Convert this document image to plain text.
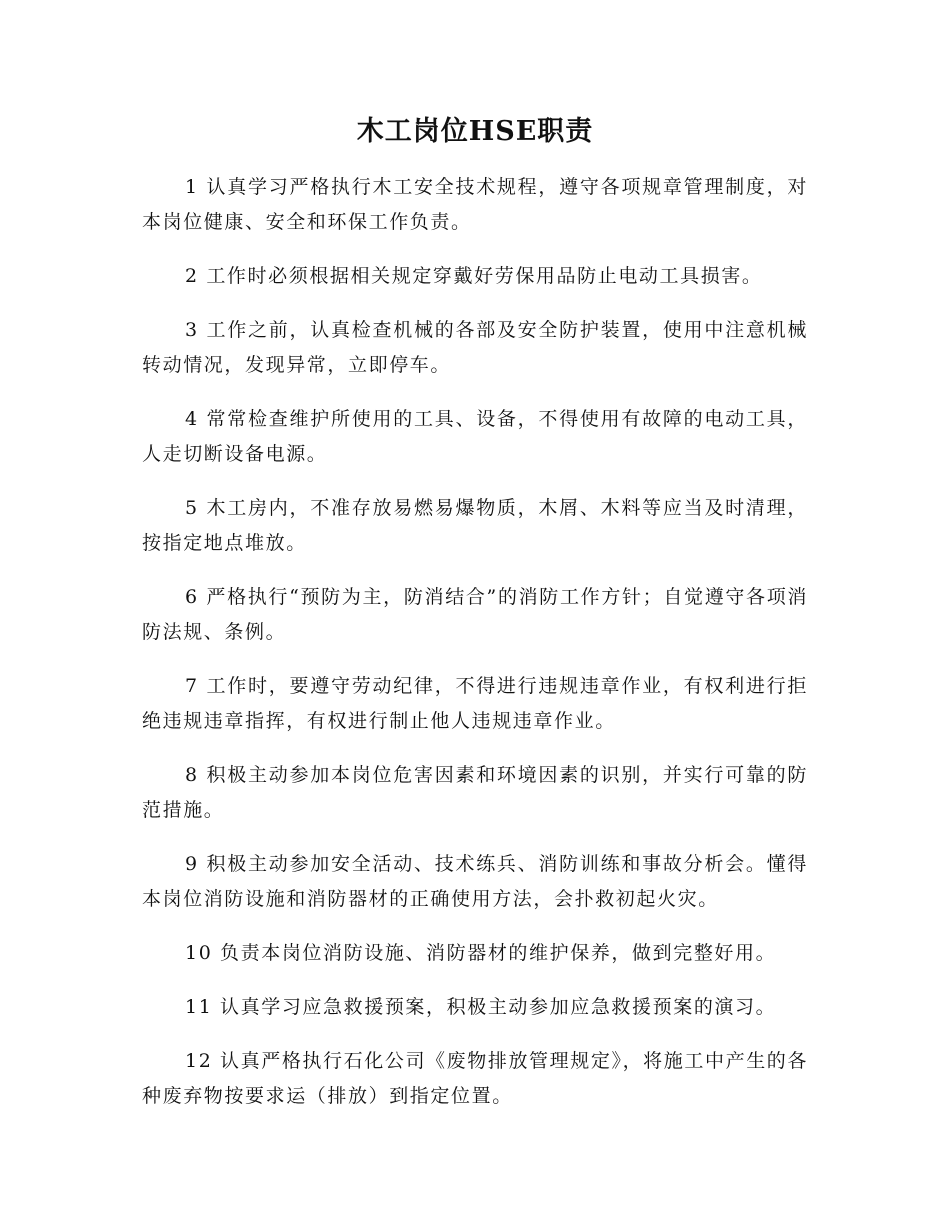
木工岗位HSE职责
1 认真学习严格执行木工安全技术规程，遵守各项规章管理制度，对本岗位健康、安全和环保工作负责。
2 工作时必须根据相关规定穿戴好劳保用品防止电动工具损害。
3 工作之前，认真检查机械的各部及安全防护装置，使用中注意机械转动情况，发现异常，立即停车。
4 常常检查维护所使用的工具、设备，不得使用有故障的电动工具，人走切断设备电源。
5 木工房内，不准存放易燃易爆物质，木屑、木料等应当及时清理，按指定地点堆放。
6 严格执行“预防为主，防消结合”的消防工作方针；自觉遵守各项消防法规、条例。
7 工作时，要遵守劳动纪律，不得进行违规违章作业，有权利进行拒绝违规违章指挥，有权进行制止他人违规违章作业。
8 积极主动参加本岗位危害因素和环境因素的识别，并实行可靠的防范措施。
9 积极主动参加安全活动、技术练兵、消防训练和事故分析会。懂得本岗位消防设施和消防器材的正确使用方法，会扑救初起火灾。
10 负责本岗位消防设施、消防器材的维护保养，做到完整好用。
11 认真学习应急救援预案，积极主动参加应急救援预案的演习。
12 认真严格执行石化公司《废物排放管理规定》，将施工中产生的各种废弃物按要求运（排放）到指定位置。
